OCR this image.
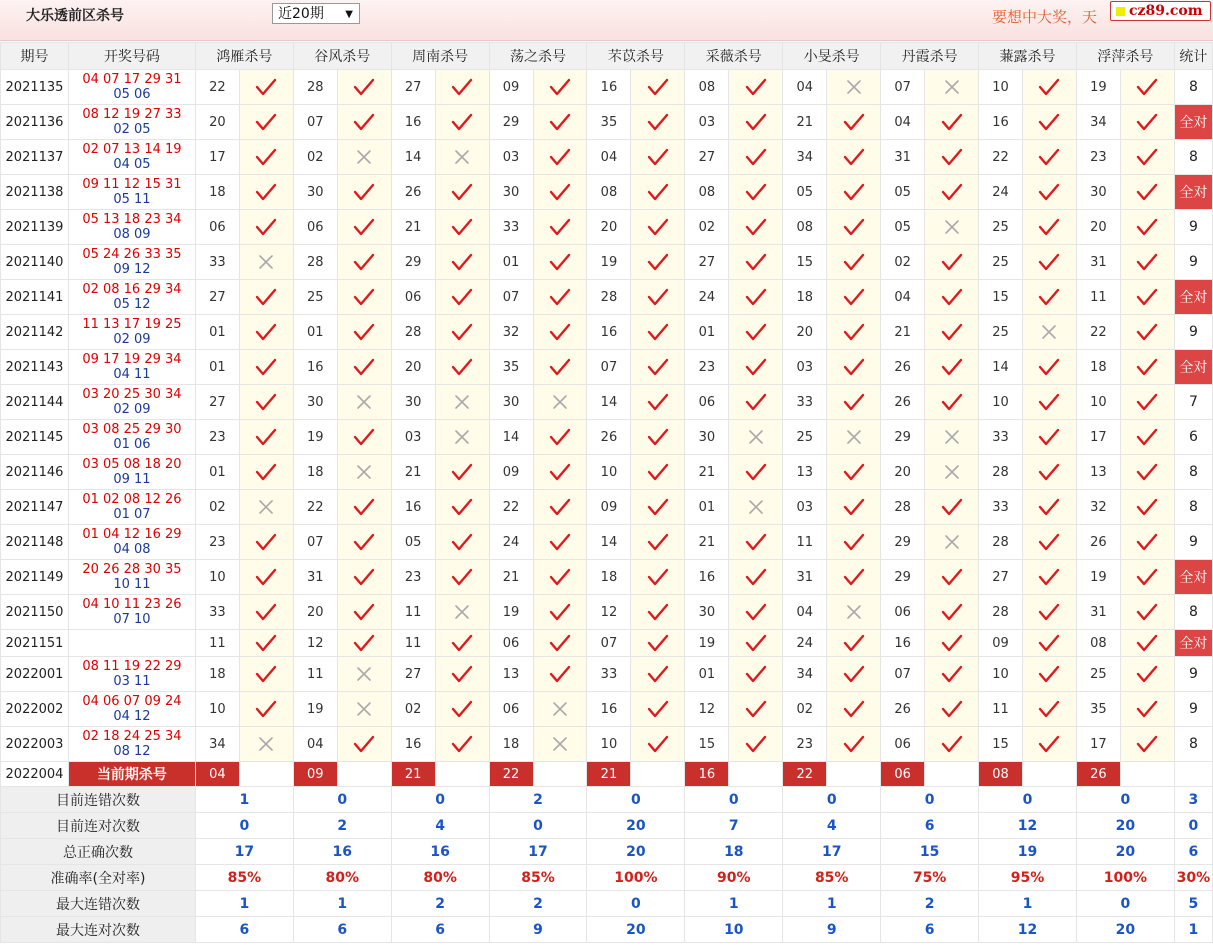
大乐透前区杀号	近20期 ▼	要想中大奖，天 cz89.com
期号	开奖号码	鸿雁杀号		谷风杀号		周南杀号		荡之杀号		芣苡杀号		采薇杀号		小旻杀号		丹霞杀号		蒹露杀号		浮萍杀号		统计
2021135	04 07 17 29 31
05 06	22		28		27		09		16		08		04		07		10		19		8
2021136	08 12 19 27 33
02 05	20		07		16		29		35		03		21		04		16		34		全对
2021137	02 07 13 14 19
04 05	17		02		14		03		04		27		34		31		22		23		8
2021138	09 11 12 15 31
05 11	18		30		26		30		08		08		05		05		24		30		全对
2021139	05 13 18 23 34
08 09	06		06		21		33		20		02		08		05		25		20		9
2021140	05 24 26 33 35
09 12	33		28		29		01		19		27		15		02		25		31		9
2021141	02 08 16 29 34
05 12	27		25		06		07		28		24		18		04		15		11		全对
2021142	11 13 17 19 25
02 09	01		01		28		32		16		01		20		21		25		22		9
2021143	09 17 19 29 34
04 11	01		16		20		35		07		23		03		26		14		18		全对
2021144	03 20 25 30 34
02 09	27		30		30		30		14		06		33		26		10		10		7
2021145	03 08 25 29 30
01 06	23		19		03		14		26		30		25		29		33		17		6
2021146	03 05 08 18 20
09 11	01		18		21		09		10		21		13		20		28		13		8
2021147	01 02 08 12 26
01 07	02		22		16		22		09		01		03		28		33		32		8
2021148	01 04 12 16 29
04 08	23		07		05		24		14		21		11		29		28		26		9
2021149	20 26 28 30 35
10 11	10		31		23		21		18		16		31		29		27		19		全对
2021150	04 10 11 23 26
07 10	33		20		11		19		12		30		04		06		28		31		8
2021151		11		12		11		06		07		19		24		16		09		08		全对
2022001	08 11 19 22 29
03 11	18		11		27		13		33		01		34		07		10		25		9
2022002	04 06 07 09 24
04 12	10		19		02		06		16		12		02		26		11		35		9
2022003	02 18 24 25 34
08 12	34		04		16		18		10		15		23		06		15		17		8
2022004	当前期杀号	04		09		21		22		21		16		22		06		08		26		
目前连错次数		1		0		0		2		0		0		0		0		0		0		3
目前连对次数		0		2		4		0		20		7		4		6		12		20		0
总正确次数		17		16		16		17		20		18		17		15		19		20		6
准确率(全对率)		85%		80%		80%		85%		100%		90%		85%		75%		95%		100%		30%
最大连错次数		1		1		2		2		0		1		1		2		1		0		5
最大连对次数		6		6		6		9		20		10		9		6		12		20		1
